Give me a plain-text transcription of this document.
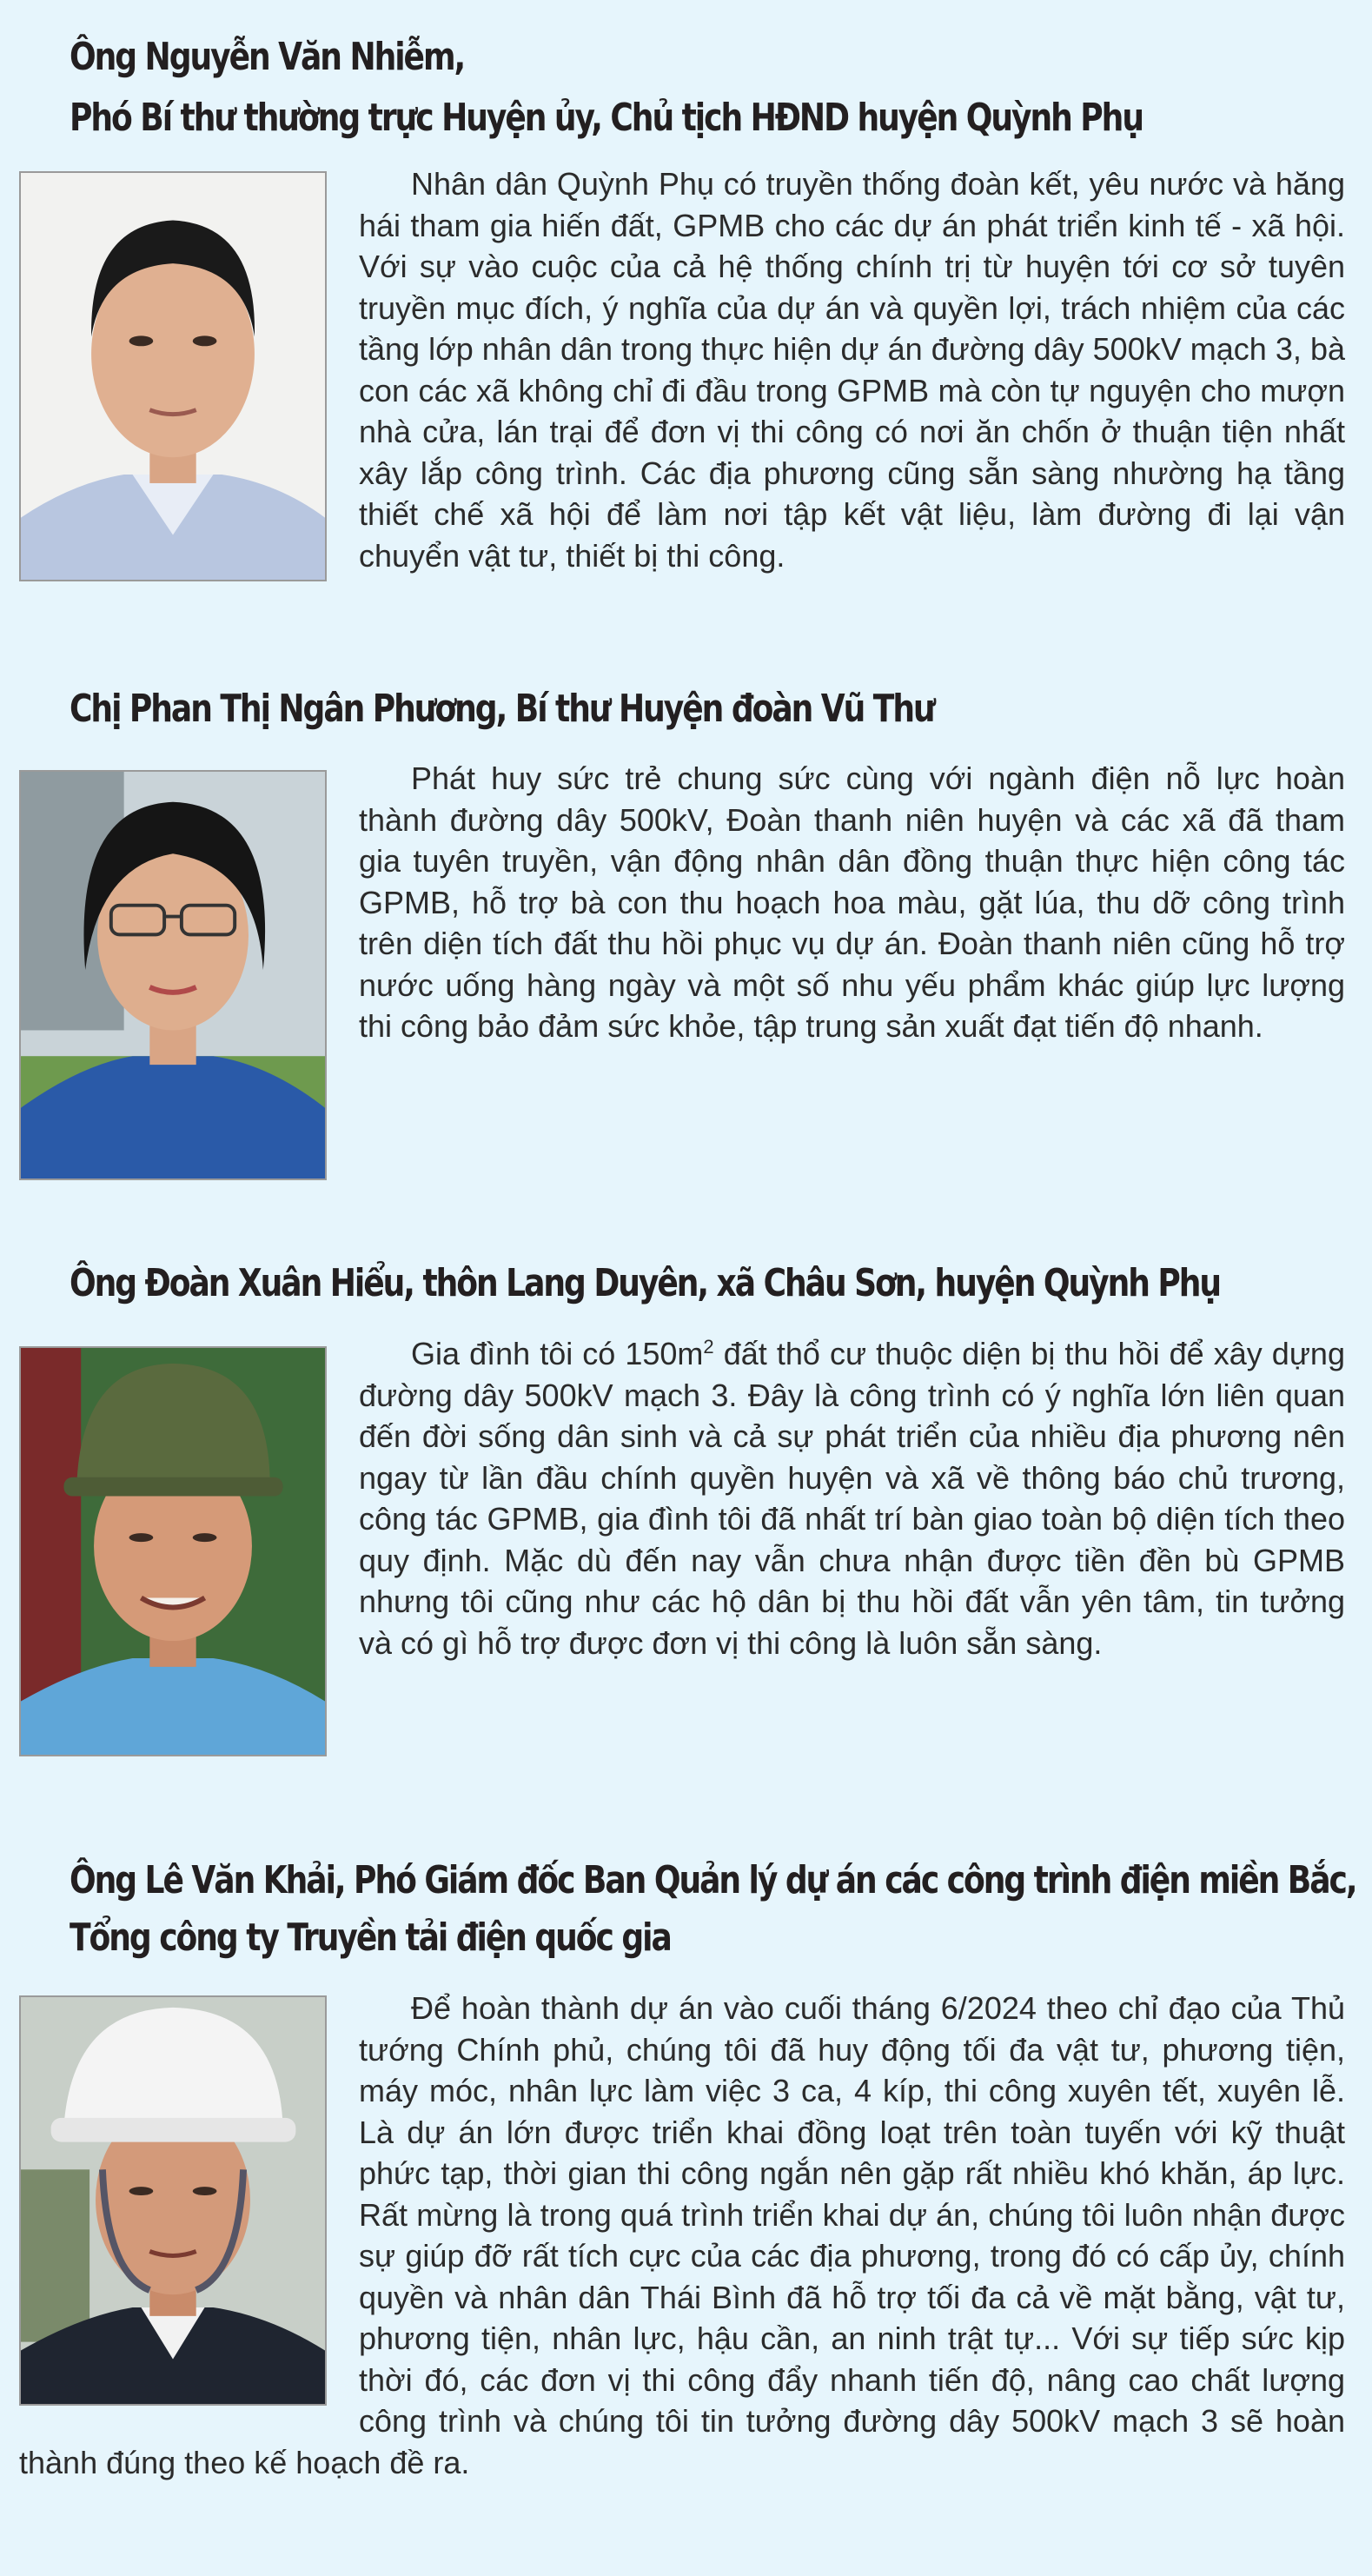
Ông Nguyễn Văn Nhiễm,
Phó Bí thư thường trực Huyện ủy, Chủ tịch HĐND huyện Quỳnh Phụ

Nhân dân Quỳnh Phụ có truyền thống đoàn kết, yêu nước và hăng hái tham gia hiến đất, GPMB cho các dự án phát triển kinh tế - xã hội. Với sự vào cuộc của cả hệ thống chính trị từ huyện tới cơ sở tuyên truyền mục đích, ý nghĩa của dự án và quyền lợi, trách nhiệm của các tầng lớp nhân dân trong thực hiện dự án đường dây 500kV mạch 3, bà con các xã không chỉ đi đầu trong GPMB mà còn tự nguyện cho mượn nhà cửa, lán trại để đơn vị thi công có nơi ăn chốn ở thuận tiện nhất xây lắp công trình. Các địa phương cũng sẵn sàng nhường hạ tầng thiết chế xã hội để làm nơi tập kết vật liệu, làm đường đi lại vận chuyển vật tư, thiết bị thi công.

Chị Phan Thị Ngân Phương, Bí thư Huyện đoàn Vũ Thư

Phát huy sức trẻ chung sức cùng với ngành điện nỗ lực hoàn thành đường dây 500kV, Đoàn thanh niên huyện và các xã đã tham gia tuyên truyền, vận động nhân dân đồng thuận thực hiện công tác GPMB, hỗ trợ bà con thu hoạch hoa màu, gặt lúa, thu dỡ công trình trên diện tích đất thu hồi phục vụ dự án. Đoàn thanh niên cũng hỗ trợ nước uống hàng ngày và một số nhu yếu phẩm khác giúp lực lượng thi công bảo đảm sức khỏe, tập trung sản xuất đạt tiến độ nhanh.

Ông Đoàn Xuân Hiểu, thôn Lang Duyên, xã Châu Sơn, huyện Quỳnh Phụ

Gia đình tôi có $150m^2$ đất thổ cư thuộc diện bị thu hồi để xây dựng đường dây 500kV mạch 3. Đây là công trình có ý nghĩa lớn liên quan đến đời sống dân sinh và cả sự phát triển của nhiều địa phương nên ngay từ lần đầu chính quyền huyện và xã về thông báo chủ trương, công tác GPMB, gia đình tôi đã nhất trí bàn giao toàn bộ diện tích theo quy định. Mặc dù đến nay vẫn chưa nhận được tiền đền bù GPMB nhưng tôi cũng như các hộ dân bị thu hồi đất vẫn yên tâm, tin tưởng và có gì hỗ trợ được đơn vị thi công là luôn sẵn sàng.

Ông Lê Văn Khải, Phó Giám đốc Ban Quản lý dự án các công trình điện miền Bắc,
Tổng công ty Truyền tải điện quốc gia
Để hoàn thành dự án vào cuối tháng 6/2024 theo chỉ đạo của Thủ tướng Chính phủ, chúng tôi đã huy động tối đa vật tư, phương tiện, máy móc, nhân lực làm việc 3 ca, 4 kíp, thi công xuyên tết, xuyên lễ. Là dự án lớn được triển khai đồng loạt trên toàn tuyến với kỹ thuật phức tạp, thời gian thi công ngắn nên gặp rất nhiều khó khăn, áp lực. Rất mừng là trong quá trình triển khai dự án, chúng tôi luôn nhận được sự giúp đỡ rất tích cực của các địa phương, trong đó có cấp ủy, chính quyền và nhân dân Thái Bình đã hỗ trợ tối đa cả về mặt bằng, vật tư, phương tiện, nhân lực, hậu cần, an ninh trật tự... Với sự tiếp sức kịp thời đó, các đơn vị thi công đẩy nhanh tiến độ, nâng cao chất lượng công trình và chúng tôi tin tưởng đường dây 500kV mạch 3 sẽ hoàn thành đúng theo kế hoạch đề ra.
